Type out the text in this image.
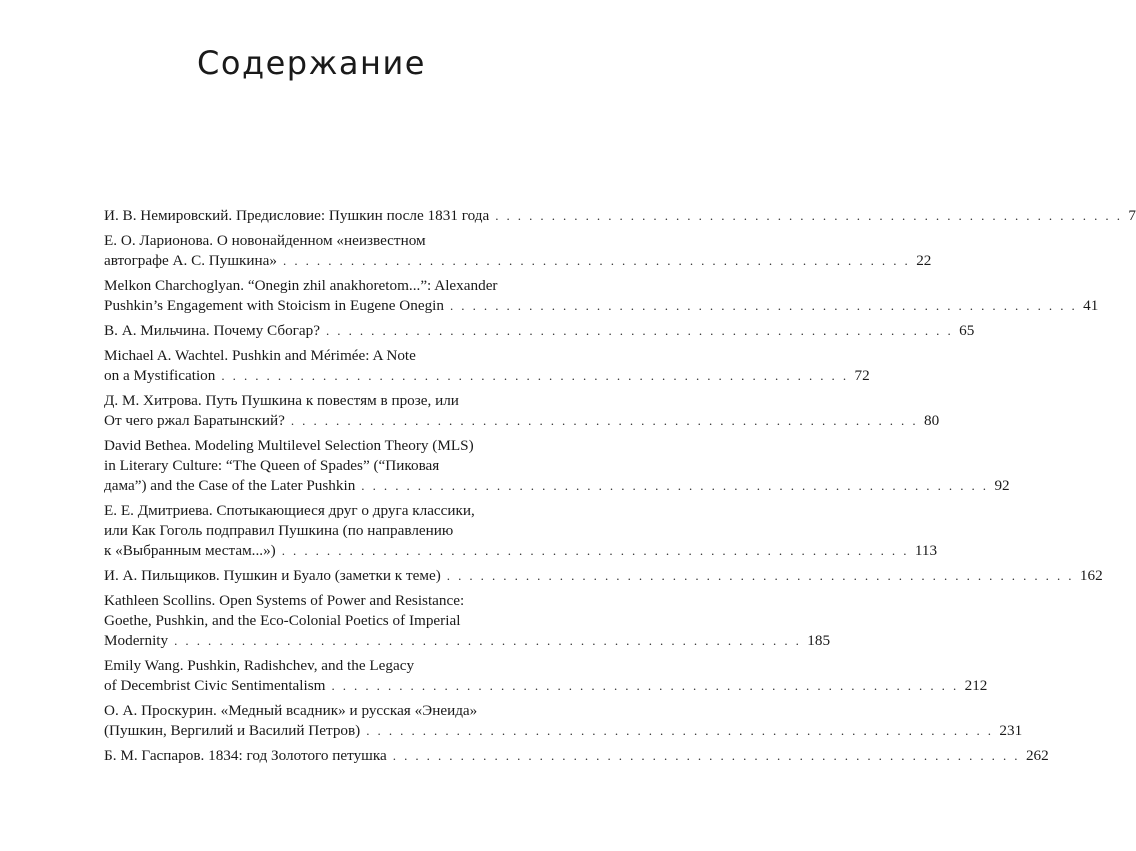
Содержание
И. В. Немировский. Предисловие: Пушкин после 1831 года . . . . . . . . . . . . . . . . . . . . . . . . . . . . . . . . . . . . . . . . . . . . . . . . . . . . . . . . 7
Е. О. Ларионова. О новонайденном «неизвестном
автографе А. С. Пушкина» . . . . . . . . . . . . . . . . . . . . . . . . . . . . . . . . . . . . . . . . . . . . . . . . . . . . . . . . 22
Melkon Charchoglyan. “Onegin zhil anakhoretom...”: Alexander
Pushkin’s Engagement with Stoicism in Eugene Onegin . . . . . . . . . . . . . . . . . . . . . . . . . . . . . . . . . . . . . . . . . . . . . . . . . . . . . . . . 41
В. А. Мильчина. Почему Сбогар? . . . . . . . . . . . . . . . . . . . . . . . . . . . . . . . . . . . . . . . . . . . . . . . . . . . . . . . . 65
Michael A. Wachtel. Pushkin and Mérimée: A Note
on a Mystification . . . . . . . . . . . . . . . . . . . . . . . . . . . . . . . . . . . . . . . . . . . . . . . . . . . . . . . . 72
Д. М. Хитрова. Путь Пушкина к повестям в прозе, или
От чего ржал Баратынский? . . . . . . . . . . . . . . . . . . . . . . . . . . . . . . . . . . . . . . . . . . . . . . . . . . . . . . . . 80
David Bethea. Modeling Multilevel Selection Theory (MLS)
in Literary Culture: “The Queen of Spades” (“Пиковая
дама”) and the Case of the Later Pushkin . . . . . . . . . . . . . . . . . . . . . . . . . . . . . . . . . . . . . . . . . . . . . . . . . . . . . . . . 92
Е. Е. Дмитриева. Спотыкающиеся друг о друга классики,
или Как Гоголь подправил Пушкина (по направлению
к «Выбранным местам...») . . . . . . . . . . . . . . . . . . . . . . . . . . . . . . . . . . . . . . . . . . . . . . . . . . . . . . . . 113
И. А. Пильщиков. Пушкин и Буало (заметки к теме) . . . . . . . . . . . . . . . . . . . . . . . . . . . . . . . . . . . . . . . . . . . . . . . . . . . . . . . . 162
Kathleen Scollins. Open Systems of Power and Resistance:
Goethe, Pushkin, and the Eco-Colonial Poetics of Imperial
Modernity . . . . . . . . . . . . . . . . . . . . . . . . . . . . . . . . . . . . . . . . . . . . . . . . . . . . . . . . 185
Emily Wang. Pushkin, Radishchev, and the Legacy
of Decembrist Civic Sentimentalism . . . . . . . . . . . . . . . . . . . . . . . . . . . . . . . . . . . . . . . . . . . . . . . . . . . . . . . . 212
О. А. Проскурин. «Медный всадник» и русская «Энеида»
(Пушкин, Вергилий и Василий Петров) . . . . . . . . . . . . . . . . . . . . . . . . . . . . . . . . . . . . . . . . . . . . . . . . . . . . . . . . 231
Б. М. Гаспаров. 1834: год Золотого петушка . . . . . . . . . . . . . . . . . . . . . . . . . . . . . . . . . . . . . . . . . . . . . . . . . . . . . . . . 262
